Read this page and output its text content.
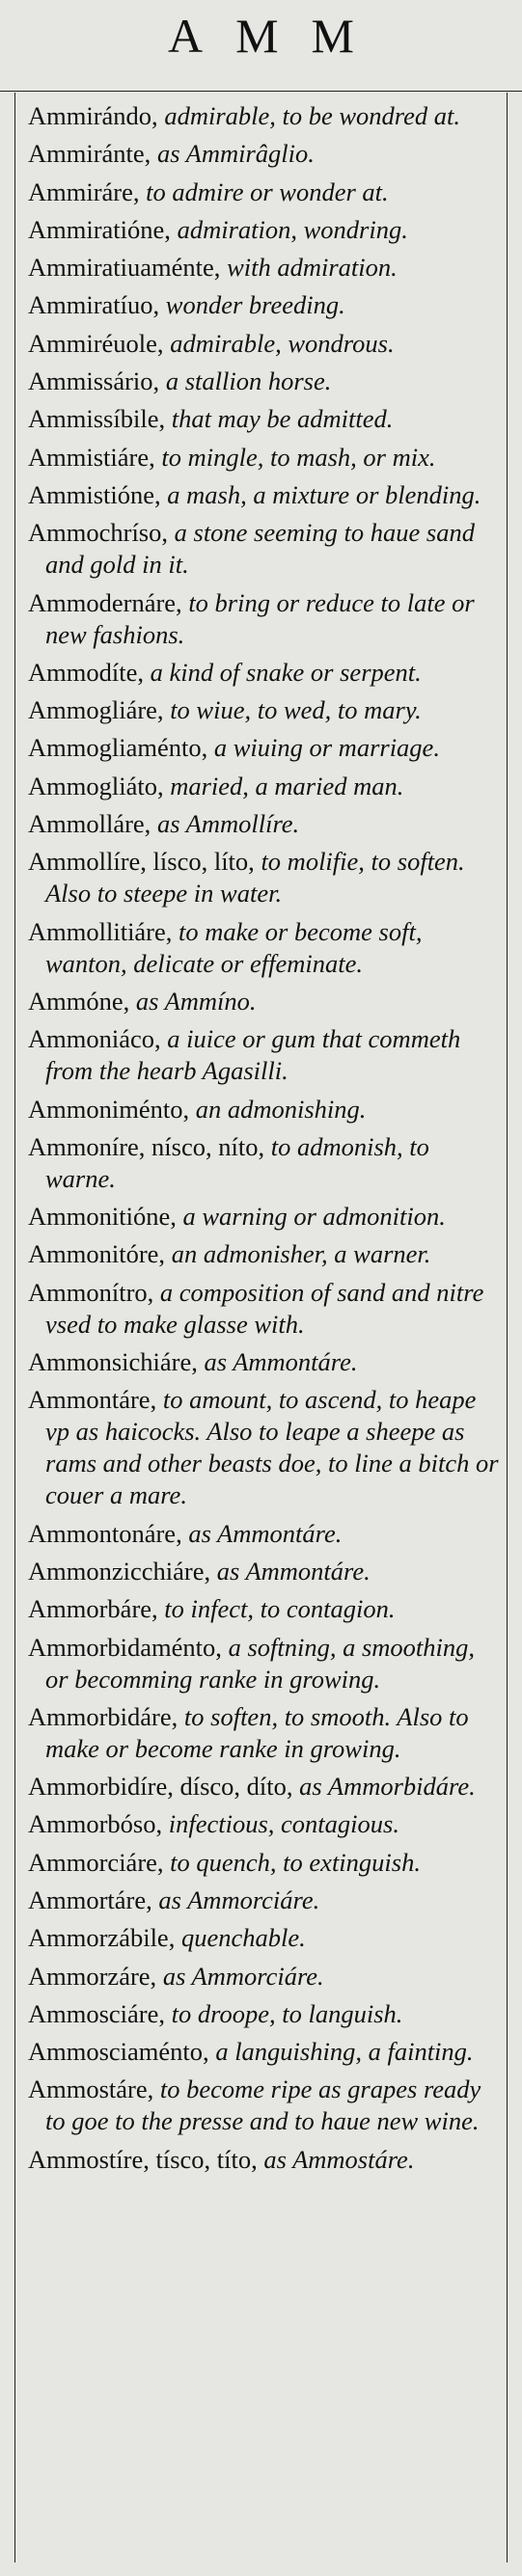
AMM

Ammirándo, admirable, to be wondred at.

Ammiránte, as Ammirâglio.

Ammiráre, to admire or wonder at.

Ammiratióne, admiration, wondring.

Ammiratiuaménte, with admiration.

Ammiratíuo, wonder breeding.

Ammiréuole, admirable, wondrous.

Ammissário, a stallion horse.

Ammissíbile, that may be admitted.

Ammistiáre, to mingle, to mash, or mix.

Ammistióne, a mash, a mixture or blending.

Ammochríso, a stone seeming to haue sand and gold in it.

Ammodernáre, to bring or reduce to late or new fashions.

Ammodíte, a kind of snake or serpent.

Ammogliáre, to wiue, to wed, to mary.

Ammogliaménto, a wiuing or marriage.

Ammogliáto, maried, a maried man.

Ammolláre, as Ammollíre.

Ammollíre, lísco, líto, to molifie, to soften. Also to steepe in water.

Ammollitiáre, to make or become soft, wanton, delicate or effeminate.

Ammóne, as Ammíno.

Ammoniáco, a iuice or gum that commeth from the hearb Agasilli.

Ammoniménto, an admonishing.

Ammoníre, nísco, níto, to admonish, to warne.

Ammonitióne, a warning or admonition.

Ammonitóre, an admonisher, a warner.

Ammonítro, a composition of sand and nitre vsed to make glasse with.

Ammonsichiáre, as Ammontáre.

Ammontáre, to amount, to ascend, to heape vp as haicocks. Also to leape a sheepe as rams and other beasts doe, to line a bitch or couer a mare.

Ammontonáre, as Ammontáre.

Ammonzicchiáre, as Ammontáre.

Ammorbáre, to infect, to contagion.

Ammorbidaménto, a softning, a smoothing, or becomming ranke in growing.

Ammorbidáre, to soften, to smooth. Also to make or become ranke in growing.

Ammorbidíre, dísco, díto, as Ammorbidáre.

Ammorbóso, infectious, contagious.

Ammorciáre, to quench, to extinguish.

Ammortáre, as Ammorciáre.

Ammorzábile, quenchable.

Ammorzáre, as Ammorciáre.

Ammosciáre, to droope, to languish.

Ammosciaménto, a languishing, a fainting.

Ammostáre, to become ripe as grapes ready to goe to the presse and to haue new wine.

Ammostíre, tísco, títo, as Ammostáre.
